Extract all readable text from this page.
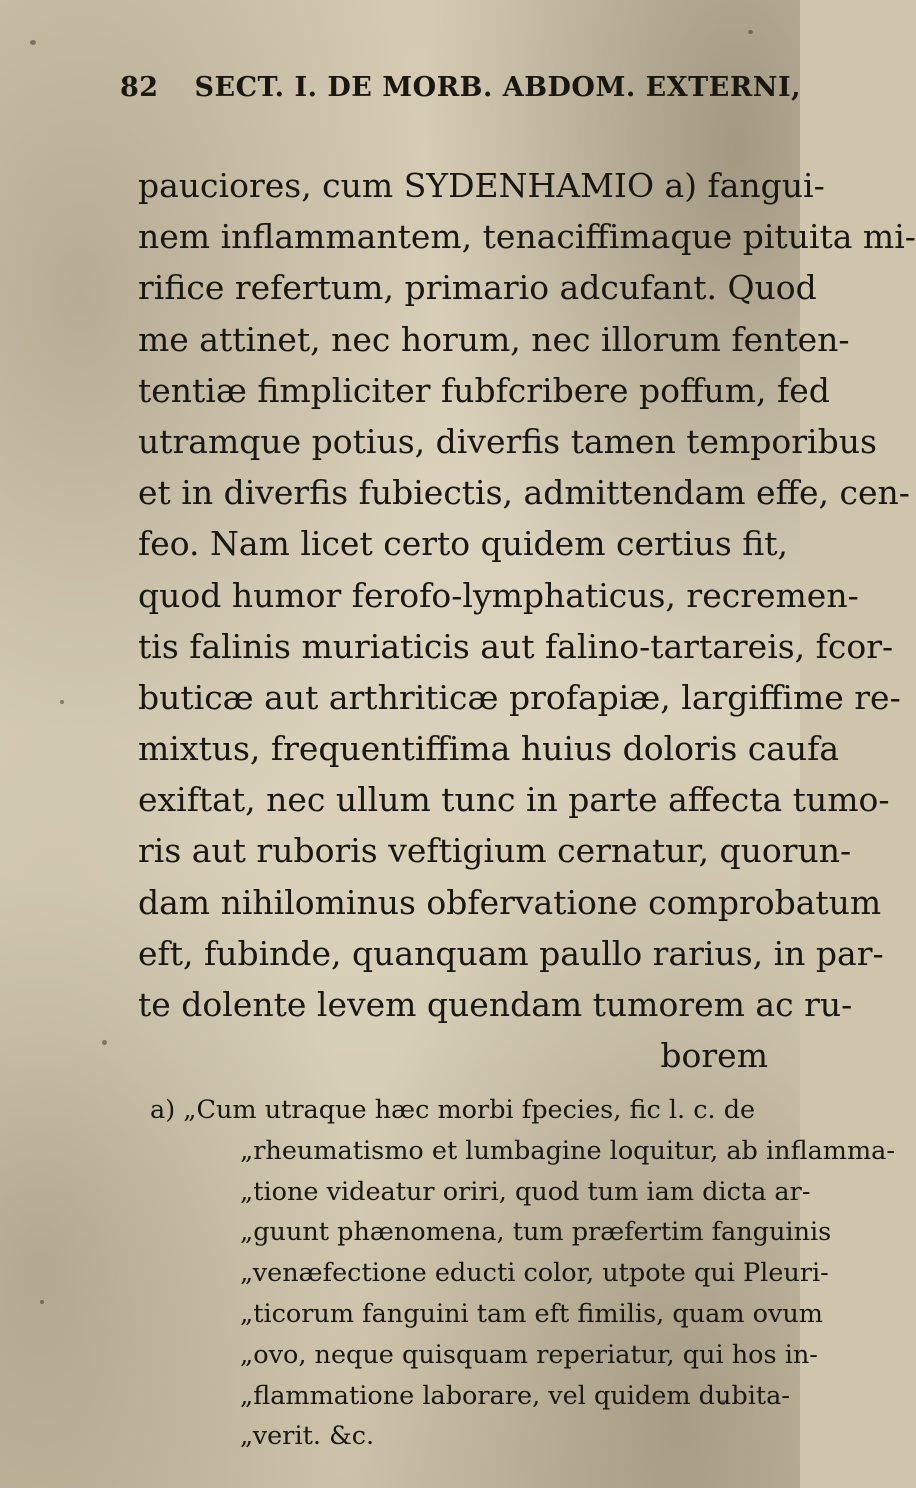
82 SECT. I. DE MORB. ABDOM. EXTERNI,
pauciores, cum SYDENHAMIO a) fangui-
nem inflammantem, tenaciffimaque pituita mi-
rifice refertum, primario adcufant. Quod
me attinet, nec horum, nec illorum fenten-
tentiæ fimpliciter fubfcribere poffum, fed
utramque potius, diverfis tamen temporibus
et in diverfis fubiectis, admittendam effe, cen-
feo. Nam licet certo quidem certius fit,
quod humor ferofo-lymphaticus, recremen-
tis falinis muriaticis aut falino-tartareis, fcor-
buticæ aut arthriticæ profapiæ, largiffime re-
mixtus, frequentiffima huius doloris caufa
exiftat, nec ullum tunc in parte affecta tumo-
ris aut ruboris veftigium cernatur, quorun-
dam nihilominus obfervatione comprobatum
eft, fubinde, quanquam paullo rarius, in par-
te dolente levem quendam tumorem ac ru-
borem
a) „Cum utraque hæc morbi fpecies, fic l. c. de
„rheumatismo et lumbagine loquitur, ab inflamma-
„tione videatur oriri, quod tum iam dicta ar-
„guunt phænomena, tum præfertim fanguinis
„venæfectione educti color, utpote qui Pleuri-
„ticorum fanguini tam eft fimilis, quam ovum
„ovo, neque quisquam reperiatur, qui hos in-
„flammatione laborare, vel quidem dubita-
„verit. &c.
